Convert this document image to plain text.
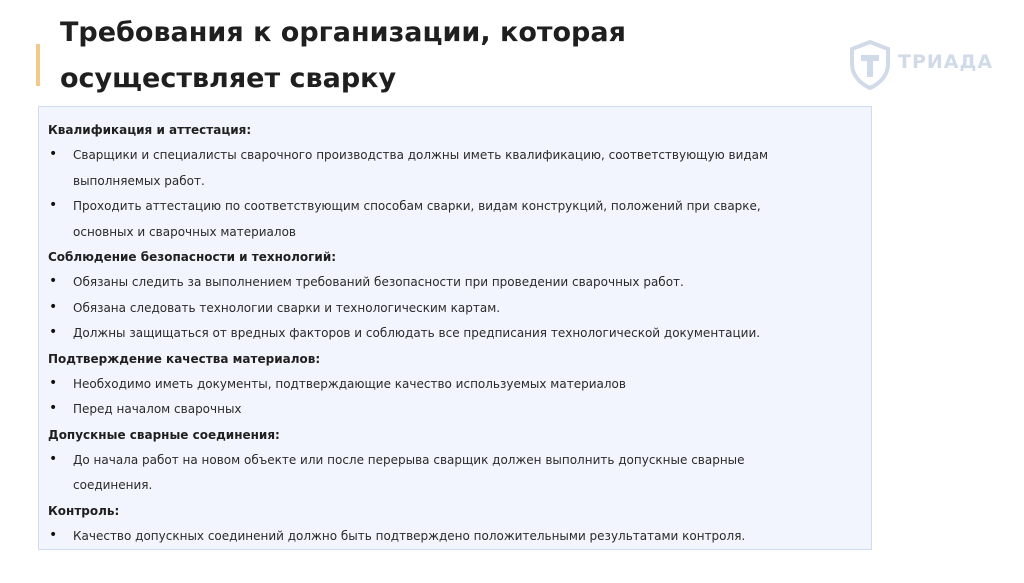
Требования к организации, которая осуществляет сварку
ТРИАДА
Квалификация и аттестация:
• Сварщики и специалисты сварочного производства должны иметь квалификацию, соответствующую видам выполняемых работ.
• Проходить аттестацию по соответствующим способам сварки, видам конструкций, положений при сварке, основных и сварочных материалов
Соблюдение безопасности и технологий:
• Обязаны следить за выполнением требований безопасности при проведении сварочных работ.
• Обязана следовать технологии сварки и технологическим картам.
• Должны защищаться от вредных факторов и соблюдать все предписания технологической документации.
Подтверждение качества материалов:
• Необходимо иметь документы, подтверждающие качество используемых материалов
• Перед началом сварочных
Допускные сварные соединения:
• До начала работ на новом объекте или после перерыва сварщик должен выполнить допускные сварные соединения.
Контроль:
• Качество допускных соединений должно быть подтверждено положительными результатами контроля.
